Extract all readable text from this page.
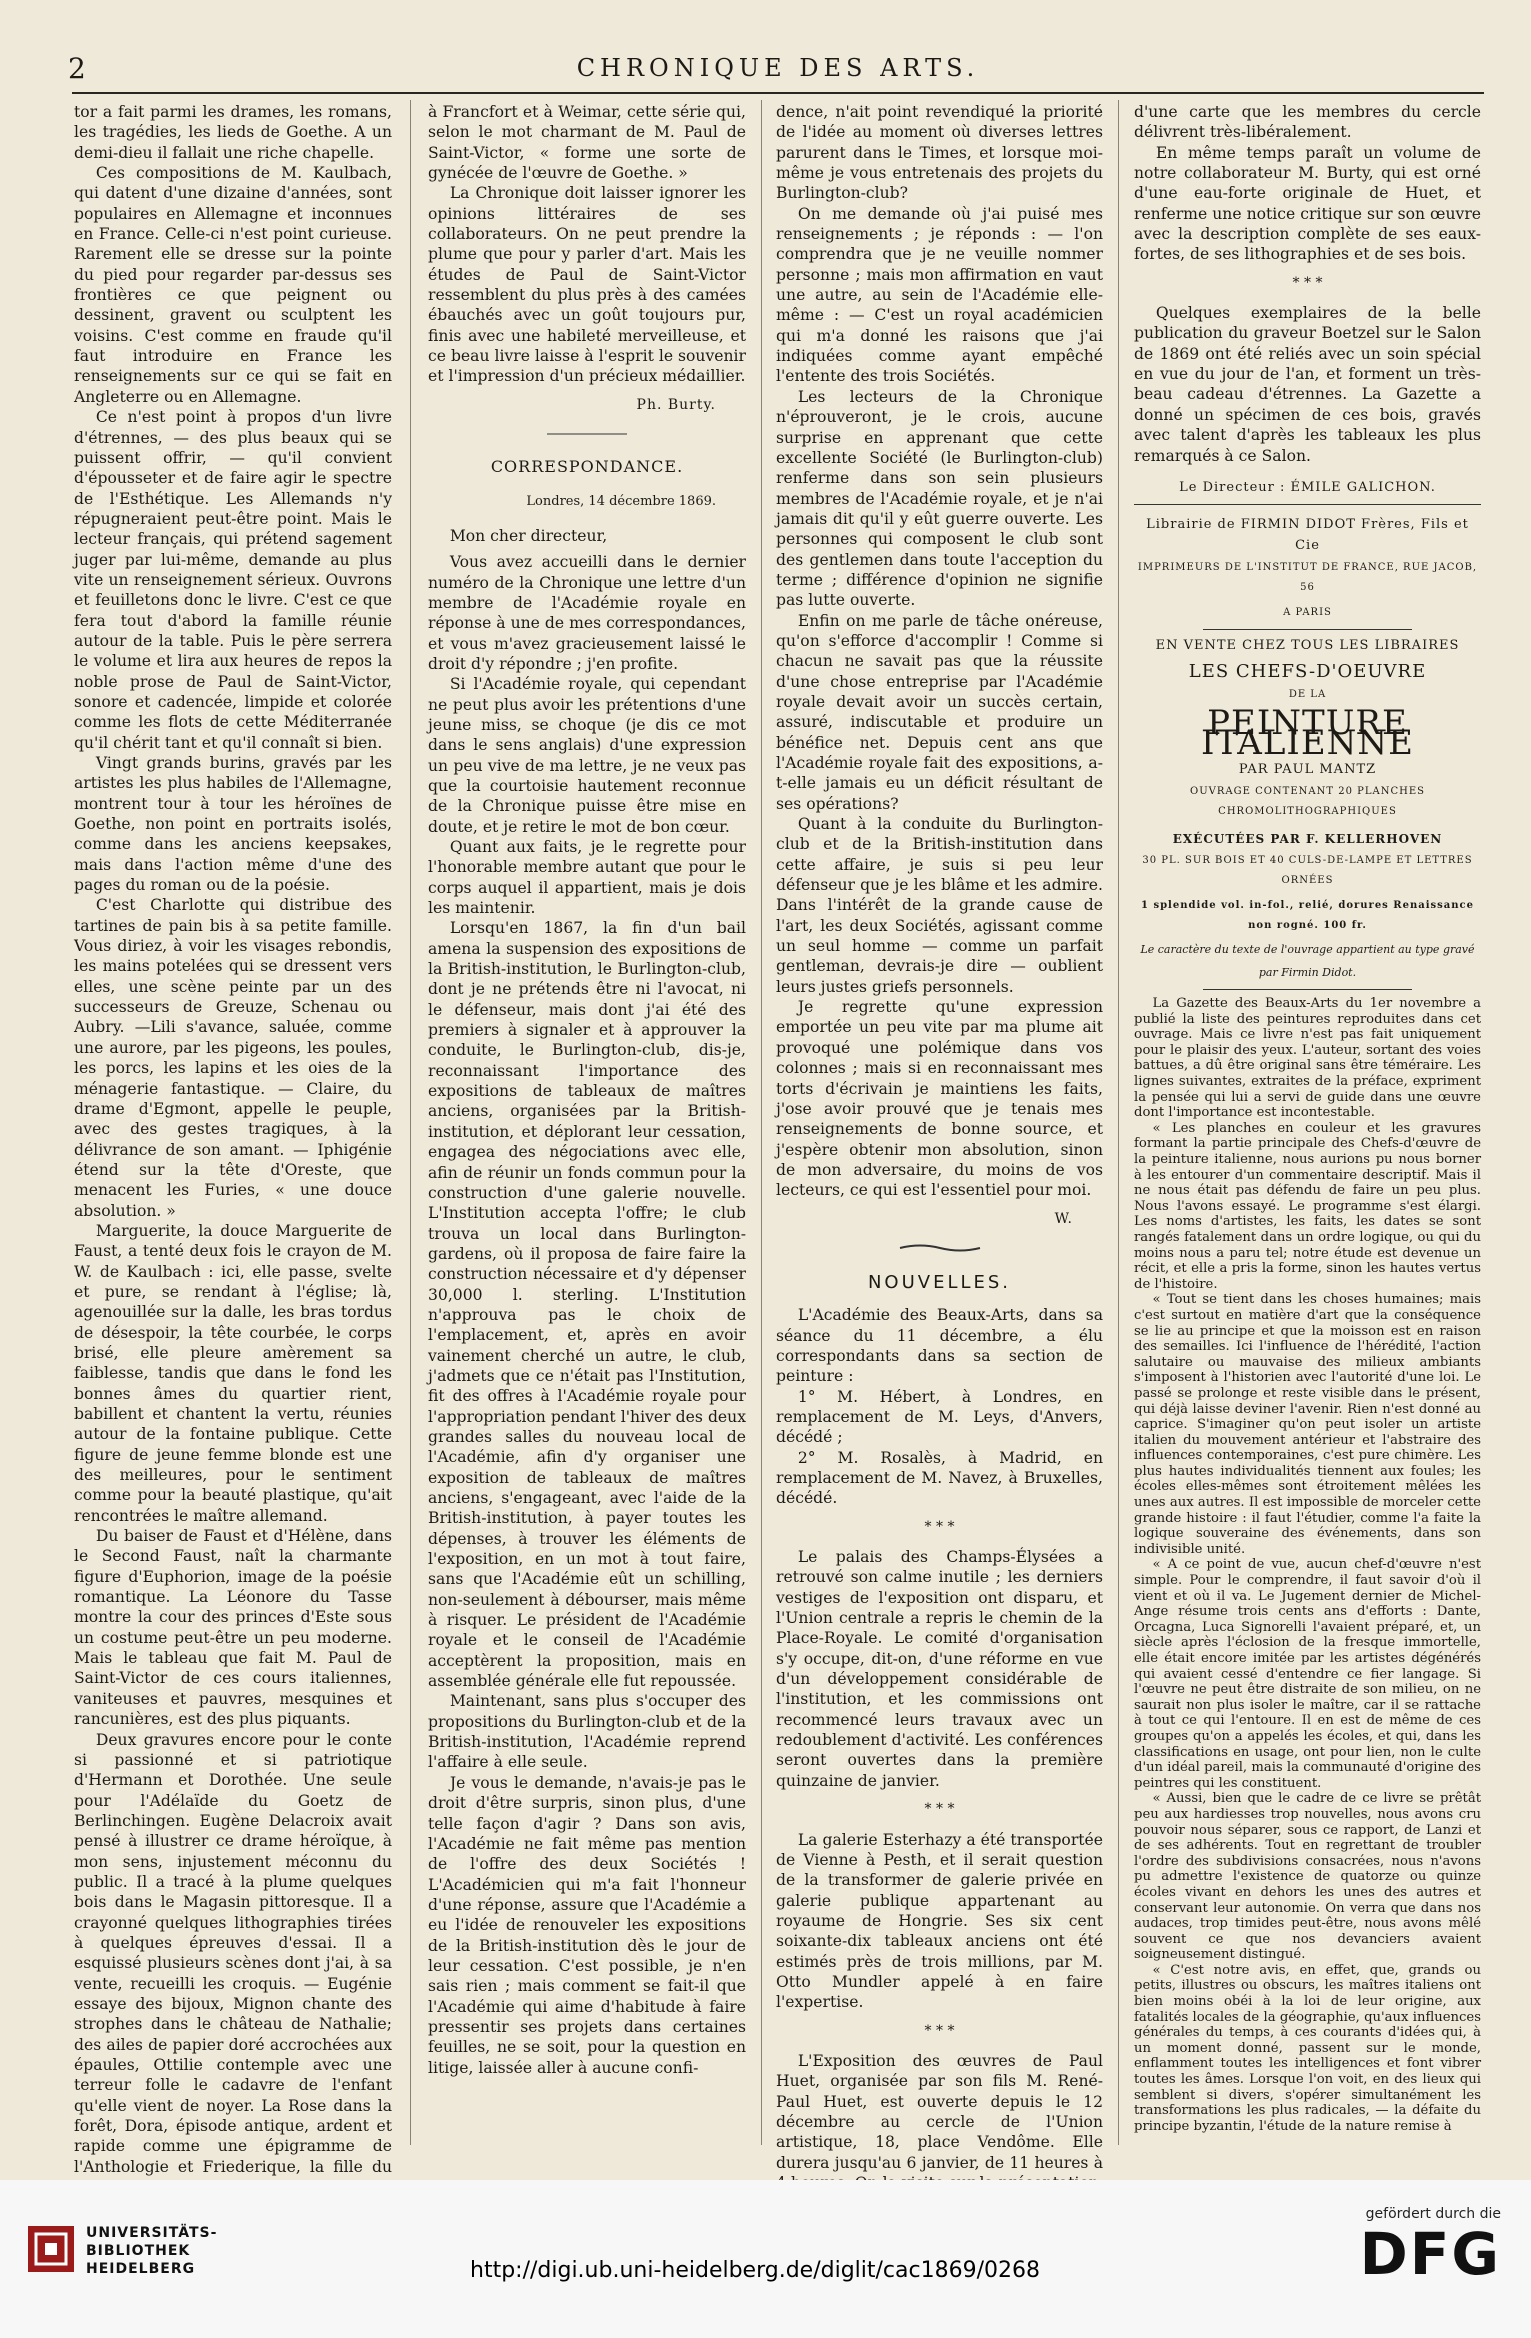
2	CHRONIQUE DES ARTS.

tor a fait parmi les drames, les romans, les tragédies, les lieds de Goethe. A un demi-dieu il fallait une riche chapelle.

Ces compositions de M. Kaulbach, qui datent d'une dizaine d'années, sont populaires en Allemagne et inconnues en France. Celle-ci n'est point curieuse. Rarement elle se dresse sur la pointe du pied pour regarder par-dessus ses frontières ce que peignent ou dessinent, gravent ou sculptent les voisins. C'est comme en fraude qu'il faut introduire en France les renseignements sur ce qui se fait en Angleterre ou en Allemagne.

Ce n'est point à propos d'un livre d'étrennes, — des plus beaux qui se puissent offrir, — qu'il convient d'épousseter et de faire agir le spectre de l'Esthétique. Les Allemands n'y répugneraient peut-être point. Mais le lecteur français, qui prétend sagement juger par lui-même, demande au plus vite un renseignement sérieux. Ouvrons et feuilletons donc le livre. C'est ce que fera tout d'abord la famille réunie autour de la table. Puis le père serrera le volume et lira aux heures de repos la noble prose de Paul de Saint-Victor, sonore et cadencée, limpide et colorée comme les flots de cette Méditerranée qu'il chérit tant et qu'il connaît si bien.

Vingt grands burins, gravés par les artistes les plus habiles de l'Allemagne, montrent tour à tour les héroïnes de Goethe, non point en portraits isolés, comme dans les anciens keepsakes, mais dans l'action même d'une des pages du roman ou de la poésie.

C'est Charlotte qui distribue des tartines de pain bis à sa petite famille. Vous diriez, à voir les visages rebondis, les mains potelées qui se dressent vers elles, une scène peinte par un des successeurs de Greuze, Schenau ou Aubry. —Lili s'avance, saluée, comme une aurore, par les pigeons, les poules, les porcs, les lapins et les oies de la ménagerie fantastique. — Claire, du drame d'Egmont, appelle le peuple, avec des gestes tragiques, à la délivrance de son amant. — Iphigénie étend sur la tête d'Oreste, que menacent les Furies, « une douce absolution. »

Marguerite, la douce Marguerite de Faust, a tenté deux fois le crayon de M. W. de Kaulbach : ici, elle passe, svelte et pure, se rendant à l'église; là, agenouillée sur la dalle, les bras tordus de désespoir, la tête courbée, le corps brisé, elle pleure amèrement sa faiblesse, tandis que dans le fond les bonnes âmes du quartier rient, babillent et chantent la vertu, réunies autour de la fontaine publique. Cette figure de jeune femme blonde est une des meilleures, pour le sentiment comme pour la beauté plastique, qu'ait rencontrées le maître allemand.

Du baiser de Faust et d'Hélène, dans le Second Faust, naît la charmante figure d'Euphorion, image de la poésie romantique. La Léonore du Tasse montre la cour des princes d'Este sous un costume peut-être un peu moderne. Mais le tableau que fait M. Paul de Saint-Victor de ces cours italiennes, vaniteuses et pauvres, mesquines et rancunières, est des plus piquants.

Deux gravures encore pour le conte si passionné et si patriotique d'Hermann et Dorothée. Une seule pour l'Adélaïde du Goetz de Berlinchingen. Eugène Delacroix avait pensé à illustrer ce drame héroïque, à mon sens, injustement méconnu du public. Il a tracé à la plume quelques bois dans le Magasin pittoresque. Il a crayonné quelques lithographies tirées à quelques épreuves d'essai. Il a esquissé plusieurs scènes dont j'ai, à sa vente, recueilli les croquis. — Eugénie essaye des bijoux, Mignon chante des strophes dans le château de Nathalie; des ailes de papier doré accrochées aux épaules, Ottilie contemple avec une terreur folle le cadavre de l'enfant qu'elle vient de noyer. La Rose dans la forêt, Dora, épisode antique, ardent et rapide comme une épigramme de l'Anthologie et Friederique, la fille du

à Francfort et à Weimar, cette série qui, selon le mot charmant de M. Paul de Saint-Victor, « forme une sorte de gynécée de l'œuvre de Goethe. »

La Chronique doit laisser ignorer les opinions littéraires de ses collaborateurs. On ne peut prendre la plume que pour y parler d'art. Mais les études de Paul de Saint-Victor ressemblent du plus près à des camées ébauchés avec un goût toujours pur, finis avec une habileté merveilleuse, et ce beau livre laisse à l'esprit le souvenir et l'impression d'un précieux médaillier.

Ph. Burty.
CORRESPONDANCE.
Londres, 14 décembre 1869.
Mon cher directeur,

Vous avez accueilli dans le dernier numéro de la Chronique une lettre d'un membre de l'Académie royale en réponse à une de mes correspondances, et vous m'avez gracieusement laissé le droit d'y répondre ; j'en profite.

Si l'Académie royale, qui cependant ne peut plus avoir les prétentions d'une jeune miss, se choque (je dis ce mot dans le sens anglais) d'une expression un peu vive de ma lettre, je ne veux pas que la courtoisie hautement reconnue de la Chronique puisse être mise en doute, et je retire le mot de bon cœur.

Quant aux faits, je le regrette pour l'honorable membre autant que pour le corps auquel il appartient, mais je dois les maintenir.

Lorsqu'en 1867, la fin d'un bail amena la suspension des expositions de la British-institution, le Burlington-club, dont je ne prétends être ni l'avocat, ni le défenseur, mais dont j'ai été des premiers à signaler et à approuver la conduite, le Burlington-club, dis-je, reconnaissant l'importance des expositions de tableaux de maîtres anciens, organisées par la British-institution, et déplorant leur cessation, engagea des négociations avec elle, afin de réunir un fonds commun pour la construction d'une galerie nouvelle. L'Institution accepta l'offre; le club trouva un local dans Burlington-gardens, où il proposa de faire faire la construction nécessaire et d'y dépenser 30,000 l. sterling. L'Institution n'approuva pas le choix de l'emplacement, et, après en avoir vainement cherché un autre, le club, j'admets que ce n'était pas l'Institution, fit des offres à l'Académie royale pour l'appropriation pendant l'hiver des deux grandes salles du nouveau local de l'Académie, afin d'y organiser une exposition de tableaux de maîtres anciens, s'engageant, avec l'aide de la British-institution, à payer toutes les dépenses, à trouver les éléments de l'exposition, en un mot à tout faire, sans que l'Académie eût un schilling, non-seulement à débourser, mais même à risquer. Le président de l'Académie royale et le conseil de l'Académie acceptèrent la proposition, mais en assemblée générale elle fut repoussée.

Maintenant, sans plus s'occuper des propositions du Burlington-club et de la British-institution, l'Académie reprend l'affaire à elle seule.

Je vous le demande, n'avais-je pas le droit d'être surpris, sinon plus, d'une telle façon d'agir ? Dans son avis, l'Académie ne fait même pas mention de l'offre des deux Sociétés ! L'Académicien qui m'a fait l'honneur d'une réponse, assure que l'Académie a eu l'idée de renouveler les expositions de la British-institution dès le jour de leur cessation. C'est possible, je n'en sais rien ; mais comment se fait-il que l'Académie qui aime d'habitude à faire pressentir ses projets dans certaines feuilles, ne se soit, pour la question en litige, laissée aller à aucune confi-

dence, n'ait point revendiqué la priorité de l'idée au moment où diverses lettres parurent dans le Times, et lorsque moi-même je vous entretenais des projets du Burlington-club?

On me demande où j'ai puisé mes renseignements ; je réponds : — l'on comprendra que je ne veuille nommer personne ; mais mon affirmation en vaut une autre, au sein de l'Académie elle-même : — C'est un royal académicien qui m'a donné les raisons que j'ai indiquées comme ayant empêché l'entente des trois Sociétés.

Les lecteurs de la Chronique n'éprouveront, je le crois, aucune surprise en apprenant que cette excellente Société (le Burlington-club) renferme dans son sein plusieurs membres de l'Académie royale, et je n'ai jamais dit qu'il y eût guerre ouverte. Les personnes qui composent le club sont des gentlemen dans toute l'acception du terme ; différence d'opinion ne signifie pas lutte ouverte.

Enfin on me parle de tâche onéreuse, qu'on s'efforce d'accomplir ! Comme si chacun ne savait pas que la réussite d'une chose entreprise par l'Académie royale devait avoir un succès certain, assuré, indiscutable et produire un bénéfice net. Depuis cent ans que l'Académie royale fait des expositions, a-t-elle jamais eu un déficit résultant de ses opérations?

Quant à la conduite du Burlington-club et de la British-institution dans cette affaire, je suis si peu leur défenseur que je les blâme et les admire. Dans l'intérêt de la grande cause de l'art, les deux Sociétés, agissant comme un seul homme — comme un parfait gentleman, devrais-je dire — oublient leurs justes griefs personnels.

Je regrette qu'une expression emportée un peu vite par ma plume ait provoqué une polémique dans vos colonnes ; mais si en reconnaissant mes torts d'écrivain je maintiens les faits, j'ose avoir prouvé que je tenais mes renseignements de bonne source, et j'espère obtenir mon absolution, sinon de mon adversaire, du moins de vos lecteurs, ce qui est l'essentiel pour moi.

W.
NOUVELLES.

L'Académie des Beaux-Arts, dans sa séance du 11 décembre, a élu correspondants dans sa section de peinture :

1° M. Hébert, à Londres, en remplacement de M. Leys, d'Anvers, décédé ;

2° M. Rosalès, à Madrid, en remplacement de M. Navez, à Bruxelles, décédé.

* * *

Le palais des Champs-Élysées a retrouvé son calme inutile ; les derniers vestiges de l'exposition ont disparu, et l'Union centrale a repris le chemin de la Place-Royale. Le comité d'organisation s'y occupe, dit-on, d'une réforme en vue d'un développement considérable de l'institution, et les commissions ont recommencé leurs travaux avec un redoublement d'activité. Les conférences seront ouvertes dans la première quinzaine de janvier.

* * *

La galerie Esterhazy a été transportée de Vienne à Pesth, et il serait question de la transformer de galerie privée en galerie publique appartenant au royaume de Hongrie. Ses six cent soixante-dix tableaux anciens ont été estimés près de trois millions, par M. Otto Mundler appelé à en faire l'expertise.

* * *

L'Exposition des œuvres de Paul Huet, organisée par son fils M. René-Paul Huet, est ouverte depuis le 12 décembre au cercle de l'Union artistique, 18, place Vendôme. Elle durera jusqu'au 6 janvier, de 11 heures à

d'une carte que les membres du cercle délivrent très-libéralement.

En même temps paraît un volume de notre collaborateur M. Burty, qui est orné d'une eau-forte originale de Huet, et renferme une notice critique sur son œuvre avec la description complète de ses eaux-fortes, de ses lithographies et de ses bois.

* * *

Quelques exemplaires de la belle publication du graveur Boetzel sur le Salon de 1869 ont été reliés avec un soin spécial en vue du jour de l'an, et forment un très-beau cadeau d'étrennes. La Gazette a donné un spécimen de ces bois, gravés avec talent d'après les tableaux les plus remarqués à ce Salon.

Le Directeur : ÉMILE GALICHON.
Librairie de FIRMIN DIDOT Frères, Fils et Cie
IMPRIMEURS DE L'INSTITUT DE FRANCE, RUE JACOB, 56
A PARIS
EN VENTE CHEZ TOUS LES LIBRAIRES
LES CHEFS-D'OEUVRE
DE LA
PEINTURE ITALIENNE
PAR PAUL MANTZ
OUVRAGE CONTENANT 20 PLANCHES CHROMOLITHOGRAPHIQUES
EXÉCUTÉES PAR F. KELLERHOVEN
30 PL. SUR BOIS ET 40 CULS-DE-LAMPE ET LETTRES ORNÉES
1 splendide vol. in-fol., relié, dorures Renaissance non rogné. 100 fr.
Le caractère du texte de l'ouvrage appartient au type gravé
par Firmin Didot.

La Gazette des Beaux-Arts du 1er novembre a publié la liste des peintures reproduites dans cet ouvrage. Mais ce livre n'est pas fait uniquement pour le plaisir des yeux. L'auteur, sortant des voies battues, a dû être original sans être téméraire. Les lignes suivantes, extraites de la préface, expriment la pensée qui lui a servi de guide dans une œuvre dont l'importance est incontestable.

« Les planches en couleur et les gravures formant la partie principale des Chefs-d'œuvre de la peinture italienne, nous aurions pu nous borner à les entourer d'un commentaire descriptif. Mais il ne nous était pas défendu de faire un peu plus. Nous l'avons essayé. Le programme s'est élargi. Les noms d'artistes, les faits, les dates se sont rangés fatalement dans un ordre logique, ou qui du moins nous a paru tel; notre étude est devenue un récit, et elle a pris la forme, sinon les hautes vertus de l'histoire.

« Tout se tient dans les choses humaines; mais c'est surtout en matière d'art que la conséquence se lie au principe et que la moisson est en raison des semailles. Ici l'influence de l'hérédité, l'action salutaire ou mauvaise des milieux ambiants s'imposent à l'historien avec l'autorité d'une loi. Le passé se prolonge et reste visible dans le présent, qui déjà laisse deviner l'avenir. Rien n'est donné au caprice. S'imaginer qu'on peut isoler un artiste italien du mouvement antérieur et l'abstraire des influences contemporaines, c'est pure chimère. Les plus hautes individualités tiennent aux foules; les écoles elles-mêmes sont étroitement mêlées les unes aux autres. Il est impossible de morceler cette grande histoire : il faut l'étudier, comme l'a faite la logique souveraine des événements, dans son indivisible unité.

« A ce point de vue, aucun chef-d'œuvre n'est simple. Pour le comprendre, il faut savoir d'où il vient et où il va. Le Jugement dernier de Michel-Ange résume trois cents ans d'efforts : Dante, Orcagna, Luca Signorelli l'avaient préparé, et, un siècle après l'éclosion de la fresque immortelle, elle était encore imitée par les artistes dégénérés qui avaient cessé d'entendre ce fier langage. Si l'œuvre ne peut être distraite de son milieu, on ne saurait non plus isoler le maître, car il se rattache à tout ce qui l'entoure. Il en est de même de ces groupes qu'on a appelés les écoles, et qui, dans les classifications en usage, ont pour lien, non le culte d'un idéal pareil, mais la communauté d'origine des peintres qui les constituent.

« Aussi, bien que le cadre de ce livre se prêtât peu aux hardiesses trop nouvelles, nous avons cru pouvoir nous séparer, sous ce rapport, de Lanzi et de ses adhérents. Tout en regrettant de troubler l'ordre des subdivisions consacrées, nous n'avons pu admettre l'existence de quatorze ou quinze écoles vivant en dehors les unes des autres et conservant leur autonomie. On verra que dans nos audaces, trop timides peut-être, nous avons mêlé souvent ce que nos devanciers avaient soigneusement distingué.

« C'est notre avis, en effet, que, grands ou petits, illustres ou obscurs, les maîtres italiens ont bien moins obéi à la loi de leur origine, aux fatalités locales de la géographie, qu'aux influences générales du temps, à ces courants d'idées qui, à un moment donné, passent sur le monde, enflamment toutes les intelligences et font vibrer toutes les âmes. Lorsque l'on voit, en des lieux qui semblent si divers, s'opérer simultanément les transformations les plus radicales, — la défaite du principe byzantin, l'étude de la nature remise à

UNIVERSITÄTS-
BIBLIOTHEK
HEIDELBERG	http://digi.ub.uni-heidelberg.de/diglit/cac1869/0268
gefördert durch die
DFG
